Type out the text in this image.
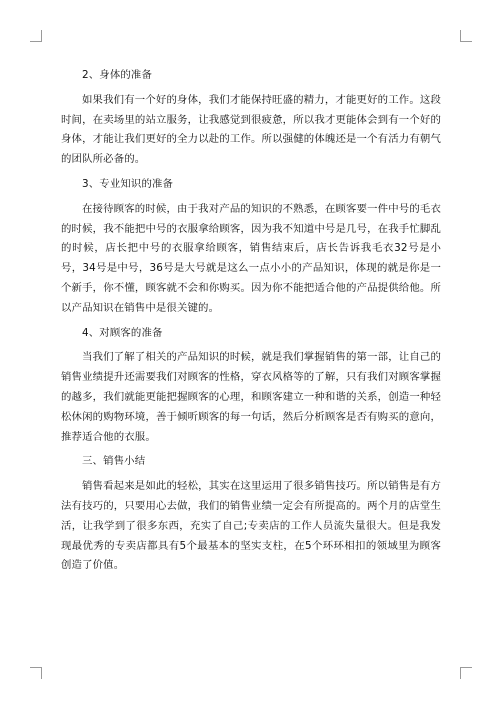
2、身体的准备
如果我们有一个好的身体，我们才能保持旺盛的精力，才能更好的工作。这段时间，在卖场里的站立服务，让我感觉到很疲惫，所以我才更能体会到有一个好的身体，才能让我们更好的全力以赴的工作。所以强健的体魄还是一个有活力有朝气的团队所必备的。
3、专业知识的准备
在接待顾客的时候，由于我对产品的知识的不熟悉，在顾客要一件中号的毛衣的时候，我不能把中号的衣服拿给顾客，因为我不知道中号是几号，在我手忙脚乱的时候，店长把中号的衣服拿给顾客，销售结束后，店长告诉我毛衣32号是小号，34号是中号，36号是大号就是这么一点小小的产品知识，体现的就是你是一个新手，你不懂，顾客就不会和你购买。因为你不能把适合他的产品提供给他。所以产品知识在销售中是很关键的。
4、对顾客的准备
当我们了解了相关的产品知识的时候，就是我们掌握销售的第一部，让自己的销售业绩提升还需要我们对顾客的性格，穿衣风格等的了解，只有我们对顾客掌握的越多，我们就能更能把握顾客的心理，和顾客建立一种和谐的关系，创造一种轻松休闲的购物环境，善于倾听顾客的每一句话，然后分析顾客是否有购买的意向，推荐适合他的衣服。
三、销售小结
销售看起来是如此的轻松，其实在这里运用了很多销售技巧。所以销售是有方法有技巧的，只要用心去做，我们的销售业绩一定会有所提高的。两个月的店堂生活，让我学到了很多东西，充实了自己;专卖店的工作人员流失量很大。但是我发现最优秀的专卖店都具有5个最基本的坚实支柱，在5个环环相扣的领域里为顾客创造了价值。
